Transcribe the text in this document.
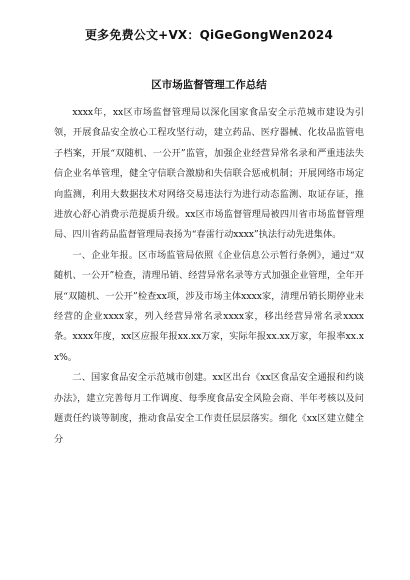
更多免费公文+VX：QiGeGongWen2024
区市场监督管理工作总结

xxxx年，xx区市场监督管理局以深化国家食品安全示范城市建设为引领，开展食品安全放心工程攻坚行动，建立药品、医疗器械、化妆品监管电子档案，开展“双随机、一公开”监管，加强企业经营异常名录和严重违法失信企业名单管理，健全守信联合激励和失信联合惩戒机制；开展网络市场定向监测，利用大数据技术对网络交易违法行为进行动态监测、取证存证，推进放心舒心消费示范提质升级。xx区市场监督管理局被四川省市场监督管理局、四川省药品监督管理局表扬为“春雷行动xxxx”执法行动先进集体。

一、企业年报。区市场监管局依照《企业信息公示暂行条例》，通过“双随机、一公开”检查，清理吊销、经营异常名录等方式加强企业管理，全年开展“双随机、一公开”检查xx项，涉及市场主体xxxx家，清理吊销长期停业未经营的企业xxxx家，列入经营异常名录xxxx家，移出经营异常名录xxxx条。xxxx年度，xx区应报年报xx.xx万家，实际年报xx.xx万家，年报率xx.xx%。

二、国家食品安全示范城市创建。xx区出台《xx区食品安全通报和约谈办法》，建立完善每月工作调度、每季度食品安全风险会商、半年考核以及问题责任约谈等制度，推动食品安全工作责任层层落实。细化《xx区建立健全分
